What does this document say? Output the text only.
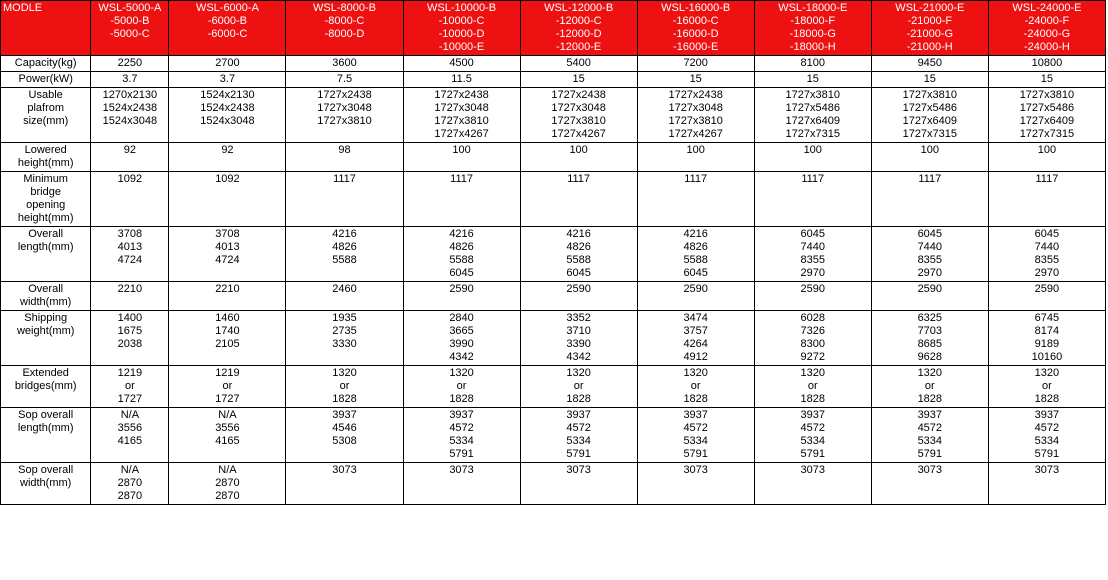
MODLE	WSL-5000-A
-5000-B
-5000-C	WSL-6000-A
-6000-B
-6000-C	WSL-8000-B
-8000-C
-8000-D	WSL-10000-B
-10000-C
-10000-D
-10000-E	WSL-12000-B
-12000-C
-12000-D
-12000-E	WSL-16000-B
-16000-C
-16000-D
-16000-E	WSL-18000-E
-18000-F
-18000-G
-18000-H	WSL-21000-E
-21000-F
-21000-G
-21000-H	WSL-24000-E
-24000-F
-24000-G
-24000-H

Capacity(kg)	2250	2700	3600	4500	5400	7200	8100	9450	10800

Power(kW)	3.7	3.7	7.5	11.5	15	15	15	15	15

Usable
plafrom
size(mm)	1270x2130
1524x2438
1524x3048	1524x2130
1524x2438
1524x3048	1727x2438
1727x3048
1727x3810	1727x2438
1727x3048
1727x3810
1727x4267	1727x2438
1727x3048
1727x3810
1727x4267	1727x2438
1727x3048
1727x3810
1727x4267	1727x3810
1727x5486
1727x6409
1727x7315	1727x3810
1727x5486
1727x6409
1727x7315	1727x3810
1727x5486
1727x6409
1727x7315

Lowered
height(mm)	92	92	98	100	100	100	100	100	100

Minimum
bridge
opening
height(mm)	1092	1092	1117	1117	1117	1117	1117	1117	1117

Overall
length(mm)	3708
4013
4724	3708
4013
4724	4216
4826
5588	4216
4826
5588
6045	4216
4826
5588
6045	4216
4826
5588
6045	6045
7440
8355
2970	6045
7440
8355
2970	6045
7440
8355
2970

Overall
width(mm)	2210	2210	2460	2590	2590	2590	2590	2590	2590

Shipping
weight(mm)	1400
1675
2038	1460
1740
2105	1935
2735
3330	2840
3665
3990
4342	3352
3710
3390
4342	3474
3757
4264
4912	6028
7326
8300
9272	6325
7703
8685
9628	6745
8174
9189
10160

Extended
bridges(mm)	1219
or
1727	1219
or
1727	1320
or
1828	1320
or
1828	1320
or
1828	1320
or
1828	1320
or
1828	1320
or
1828	1320
or
1828

Sop overall
length(mm)	N/A
3556
4165	N/A
3556
4165	3937
4546
5308	3937
4572
5334
5791	3937
4572
5334
5791	3937
4572
5334
5791	3937
4572
5334
5791	3937
4572
5334
5791	3937
4572
5334
5791

Sop overall
width(mm)	N/A
2870
2870	N/A
2870
2870	3073	3073	3073	3073	3073	3073	3073
